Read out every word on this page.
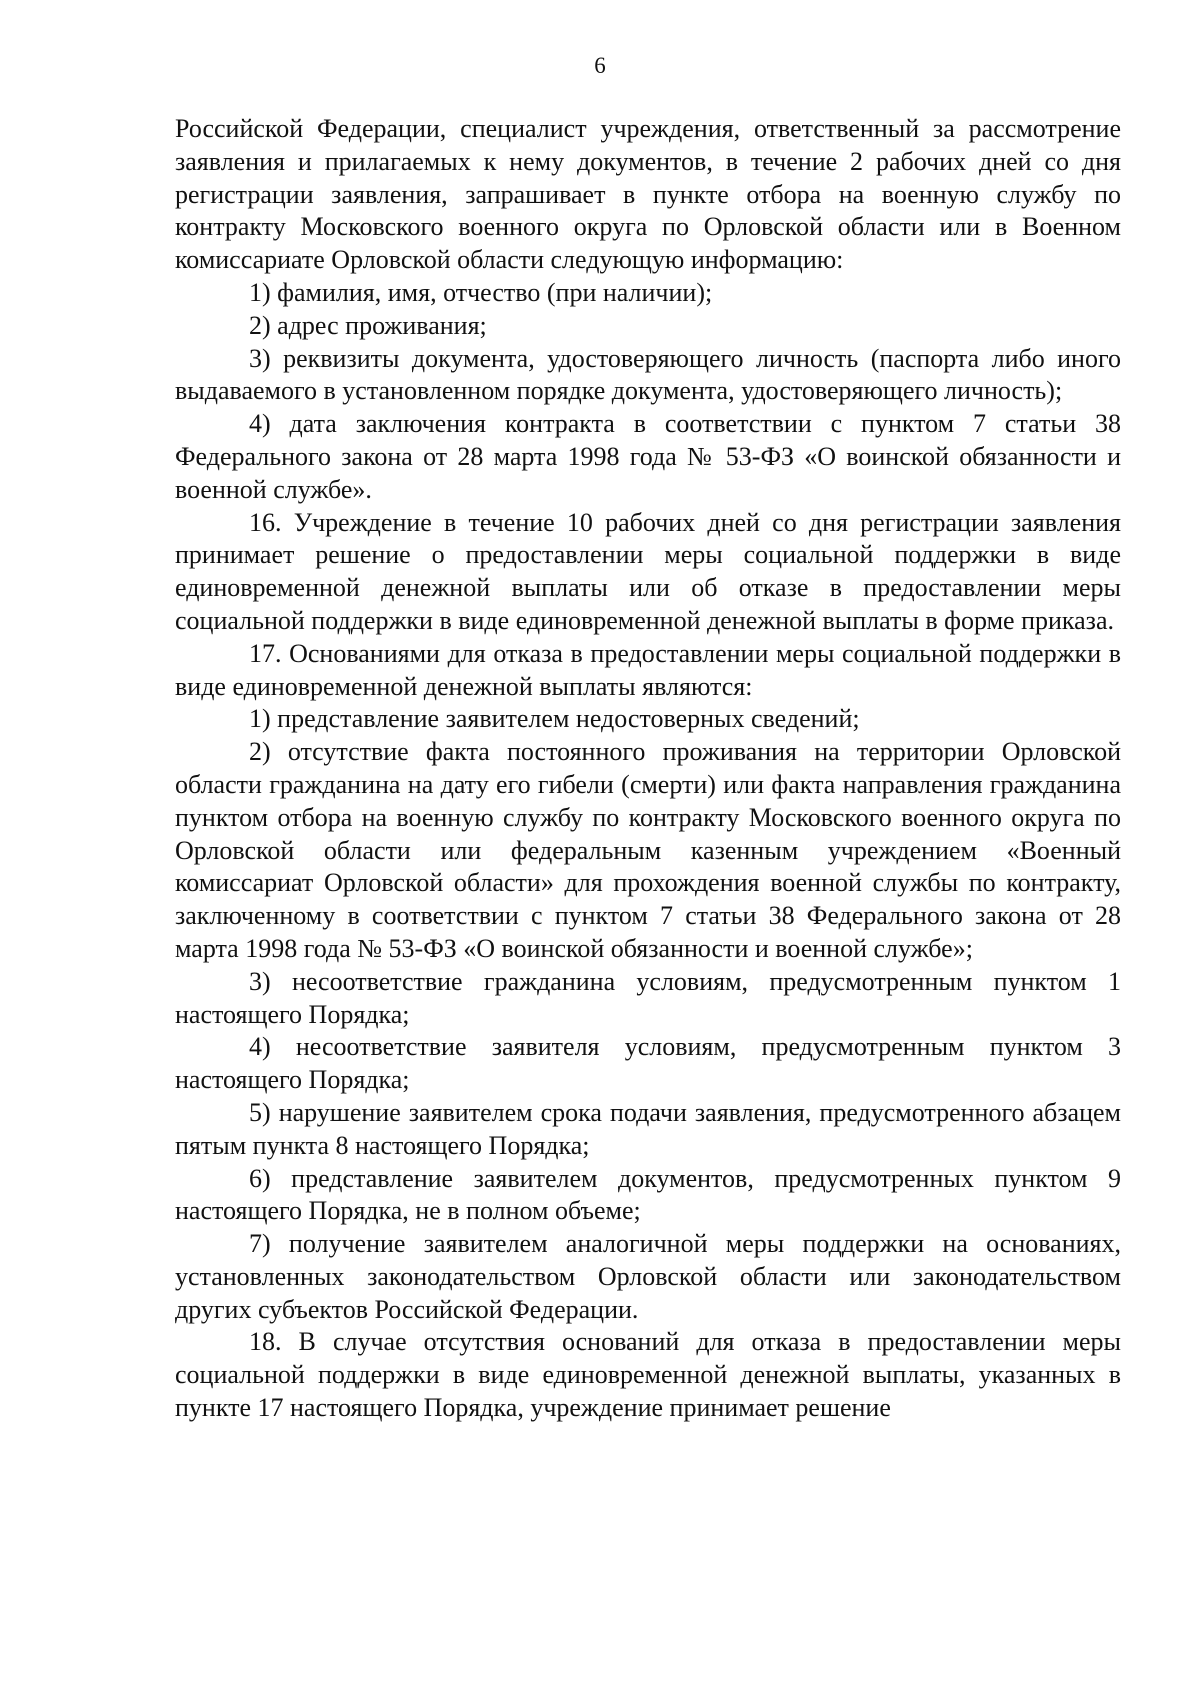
6

Российской Федерации, специалист учреждения, ответственный за рассмотрение заявления и прилагаемых к нему документов, в течение 2 рабочих дней со дня регистрации заявления, запрашивает в пункте отбора на военную службу по контракту Московского военного округа по Орловской области или в Военном комиссариате Орловской области следующую информацию:

1) фамилия, имя, отчество (при наличии);

2) адрес проживания;

3) реквизиты документа, удостоверяющего личность (паспорта либо иного выдаваемого в установленном порядке документа, удостоверяющего личность);

4) дата заключения контракта в соответствии с пунктом 7 статьи 38 Федерального закона от 28 марта 1998 года № 53-ФЗ «О воинской обязанности и военной службе».

16. Учреждение в течение 10 рабочих дней со дня регистрации заявления принимает решение о предоставлении меры социальной поддержки в виде единовременной денежной выплаты или об отказе в предоставлении меры социальной поддержки в виде единовременной денежной выплаты в форме приказа.

17. Основаниями для отказа в предоставлении меры социальной поддержки в виде единовременной денежной выплаты являются:

1) представление заявителем недостоверных сведений;

2) отсутствие факта постоянного проживания на территории Орловской области гражданина на дату его гибели (смерти) или факта направления гражданина пунктом отбора на военную службу по контракту Московского военного округа по Орловской области или федеральным казенным учреждением «Военный комиссариат Орловской области» для прохождения военной службы по контракту, заключенному в соответствии с пунктом 7 статьи 38 Федерального закона от 28 марта 1998 года № 53-ФЗ «О воинской обязанности и военной службе»;

3) несоответствие гражданина условиям, предусмотренным пунктом 1 настоящего Порядка;

4) несоответствие заявителя условиям, предусмотренным пунктом 3 настоящего Порядка;

5) нарушение заявителем срока подачи заявления, предусмотренного абзацем пятым пункта 8 настоящего Порядка;

6) представление заявителем документов, предусмотренных пунктом 9 настоящего Порядка, не в полном объеме;

7) получение заявителем аналогичной меры поддержки на основаниях, установленных законодательством Орловской области или законодательством других субъектов Российской Федерации.

18. В случае отсутствия оснований для отказа в предоставлении меры социальной поддержки в виде единовременной денежной выплаты, указанных в пункте 17 настоящего Порядка, учреждение принимает решение
